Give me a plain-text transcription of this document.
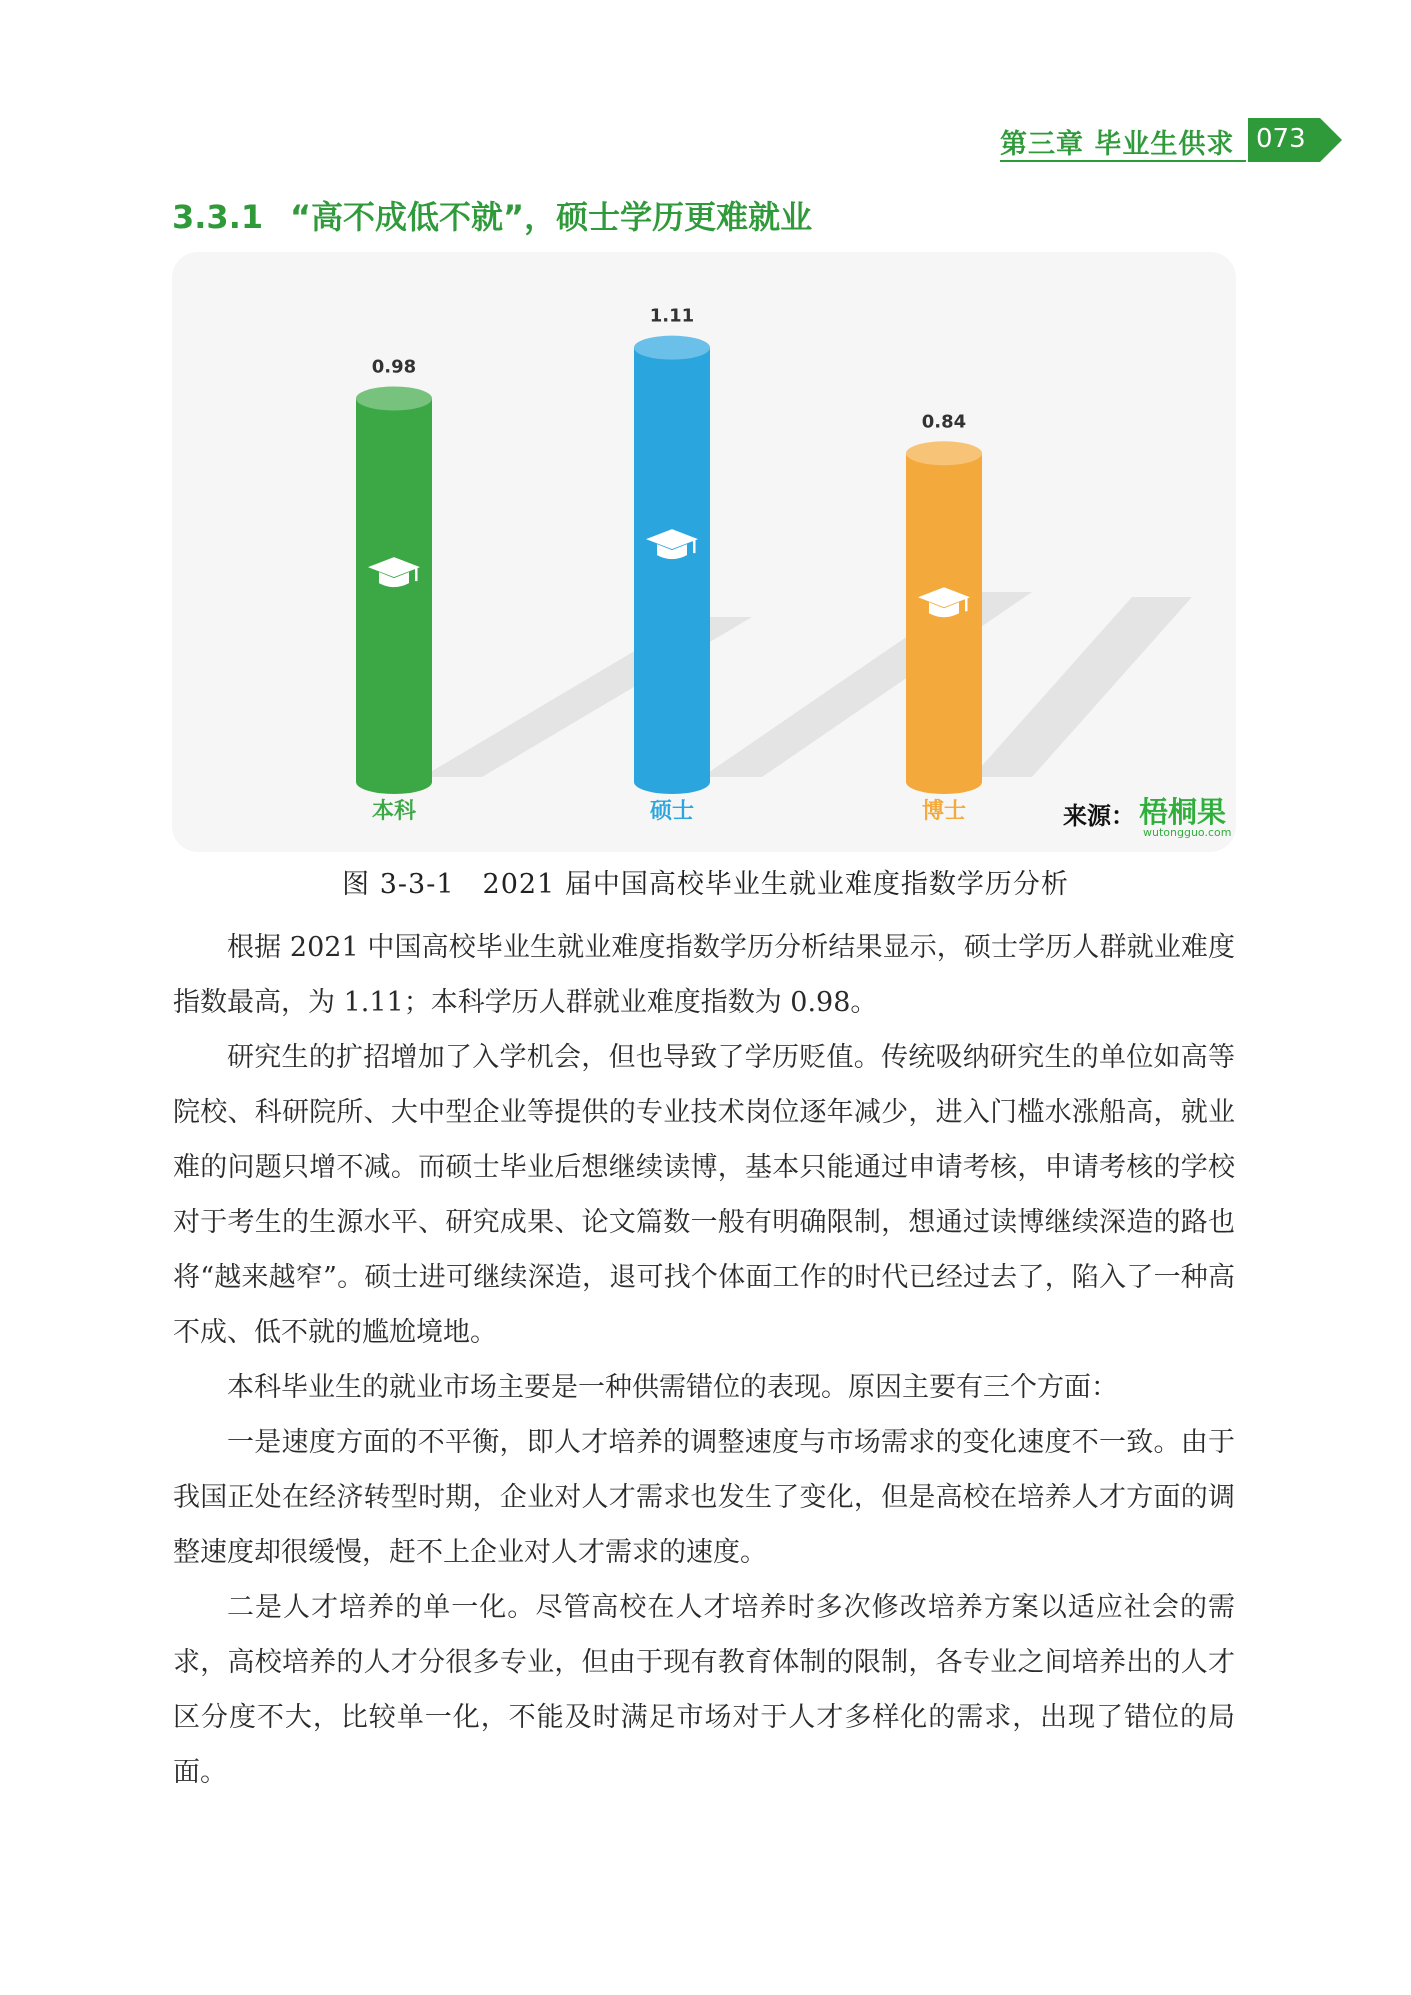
第三章 毕业生供求 073
3.3.1 “高不成低不就”，硕士学历更难就业
0.98
本科
1.11
硕士
0.84
博士	来源： 梧桐果
wutongguo.com
图 3-3-1　2021 届中国高校毕业生就业难度指数学历分析

根据 2021 中国高校毕业生就业难度指数学历分析结果显示，硕士学历人群就业难度指数最高，为 1.11；本科学历人群就业难度指数为 0.98。

研究生的扩招增加了入学机会，但也导致了学历贬值。传统吸纳研究生的单位如高等院校、科研院所、大中型企业等提供的专业技术岗位逐年减少，进入门槛水涨船高，就业难的问题只增不减。而硕士毕业后想继续读博，基本只能通过申请考核，申请考核的学校对于考生的生源水平、研究成果、论文篇数一般有明确限制，想通过读博继续深造的路也将“越来越窄”。硕士进可继续深造，退可找个体面工作的时代已经过去了，陷入了一种高不成、低不就的尴尬境地。

本科毕业生的就业市场主要是一种供需错位的表现。原因主要有三个方面：

一是速度方面的不平衡，即人才培养的调整速度与市场需求的变化速度不一致。由于我国正处在经济转型时期，企业对人才需求也发生了变化，但是高校在培养人才方面的调整速度却很缓慢，赶不上企业对人才需求的速度。

二是人才培养的单一化。尽管高校在人才培养时多次修改培养方案以适应社会的需求，高校培养的人才分很多专业，但由于现有教育体制的限制，各专业之间培养出的人才区分度不大，比较单一化，不能及时满足市场对于人才多样化的需求，出现了错位的局面。
